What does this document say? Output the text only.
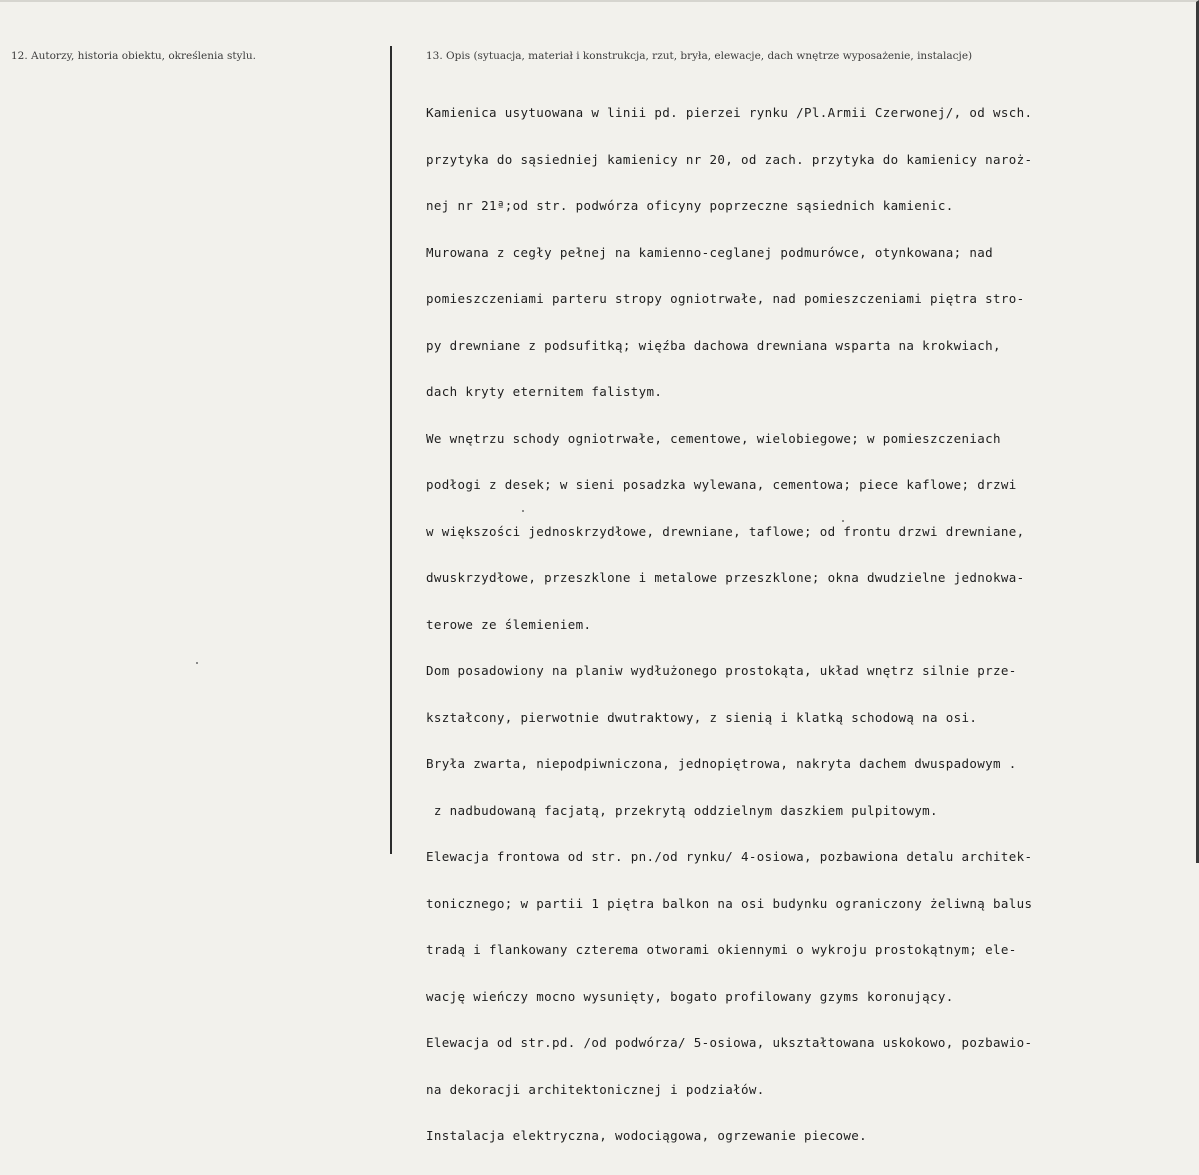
12. Autorzy, historia obiektu, określenia stylu.	13. Opis (sytuacja, materiał i konstrukcja, rzut, bryła, elewacje, dach wnętrze wyposażenie, instalacje)

Kamienica usytuowana w linii pd. pierzei rynku /Pl.Armii Czerwonej/, od wsch.

przytyka do sąsiedniej kamienicy nr 20, od zach. przytyka do kamienicy naroż-

nej nr 21ª;od str. podwórza oficyny poprzeczne sąsiednich kamienic.

Murowana z cegły pełnej na kamienno-ceglanej podmurówce, otynkowana; nad

pomieszczeniami parteru stropy ogniotrwałe, nad pomieszczeniami piętra stro-

py drewniane z podsufitką; więźba dachowa drewniana wsparta na krokwiach,

dach kryty eternitem falistym.

We wnętrzu schody ogniotrwałe, cementowe, wielobiegowe; w pomieszczeniach

podłogi z desek; w sieni posadzka wylewana, cementowa; piece kaflowe; drzwi

w większości jednoskrzydłowe, drewniane, taflowe; od frontu drzwi drewniane,

dwuskrzydłowe, przeszklone i metalowe przeszklone; okna dwudzielne jednokwa-

terowe ze ślemieniem.

Dom posadowiony na planiw wydłużonego prostokąta, układ wnętrz silnie prze-

kształcony, pierwotnie dwutraktowy, z sienią i klatką schodową na osi.

Bryła zwarta, niepodpiwniczona, jednopiętrowa, nakryta dachem dwuspadowym .

z nadbudowaną facjatą, przekrytą oddzielnym daszkiem pulpitowym.

Elewacja frontowa od str. pn./od rynku/ 4-osiowa, pozbawiona detalu architek-

tonicznego; w partii 1 piętra balkon na osi budynku ograniczony żeliwną balus

tradą i flankowany czterema otworami okiennymi o wykroju prostokątnym; ele-

wację wieńczy mocno wysunięty, bogato profilowany gzyms koronujący.

Elewacja od str.pd. /od podwórza/ 5-osiowa, ukształtowana uskokowo, pozbawio-

na dekoracji architektonicznej i podziałów.

Instalacja elektryczna, wodociągowa, ogrzewanie piecowe.
